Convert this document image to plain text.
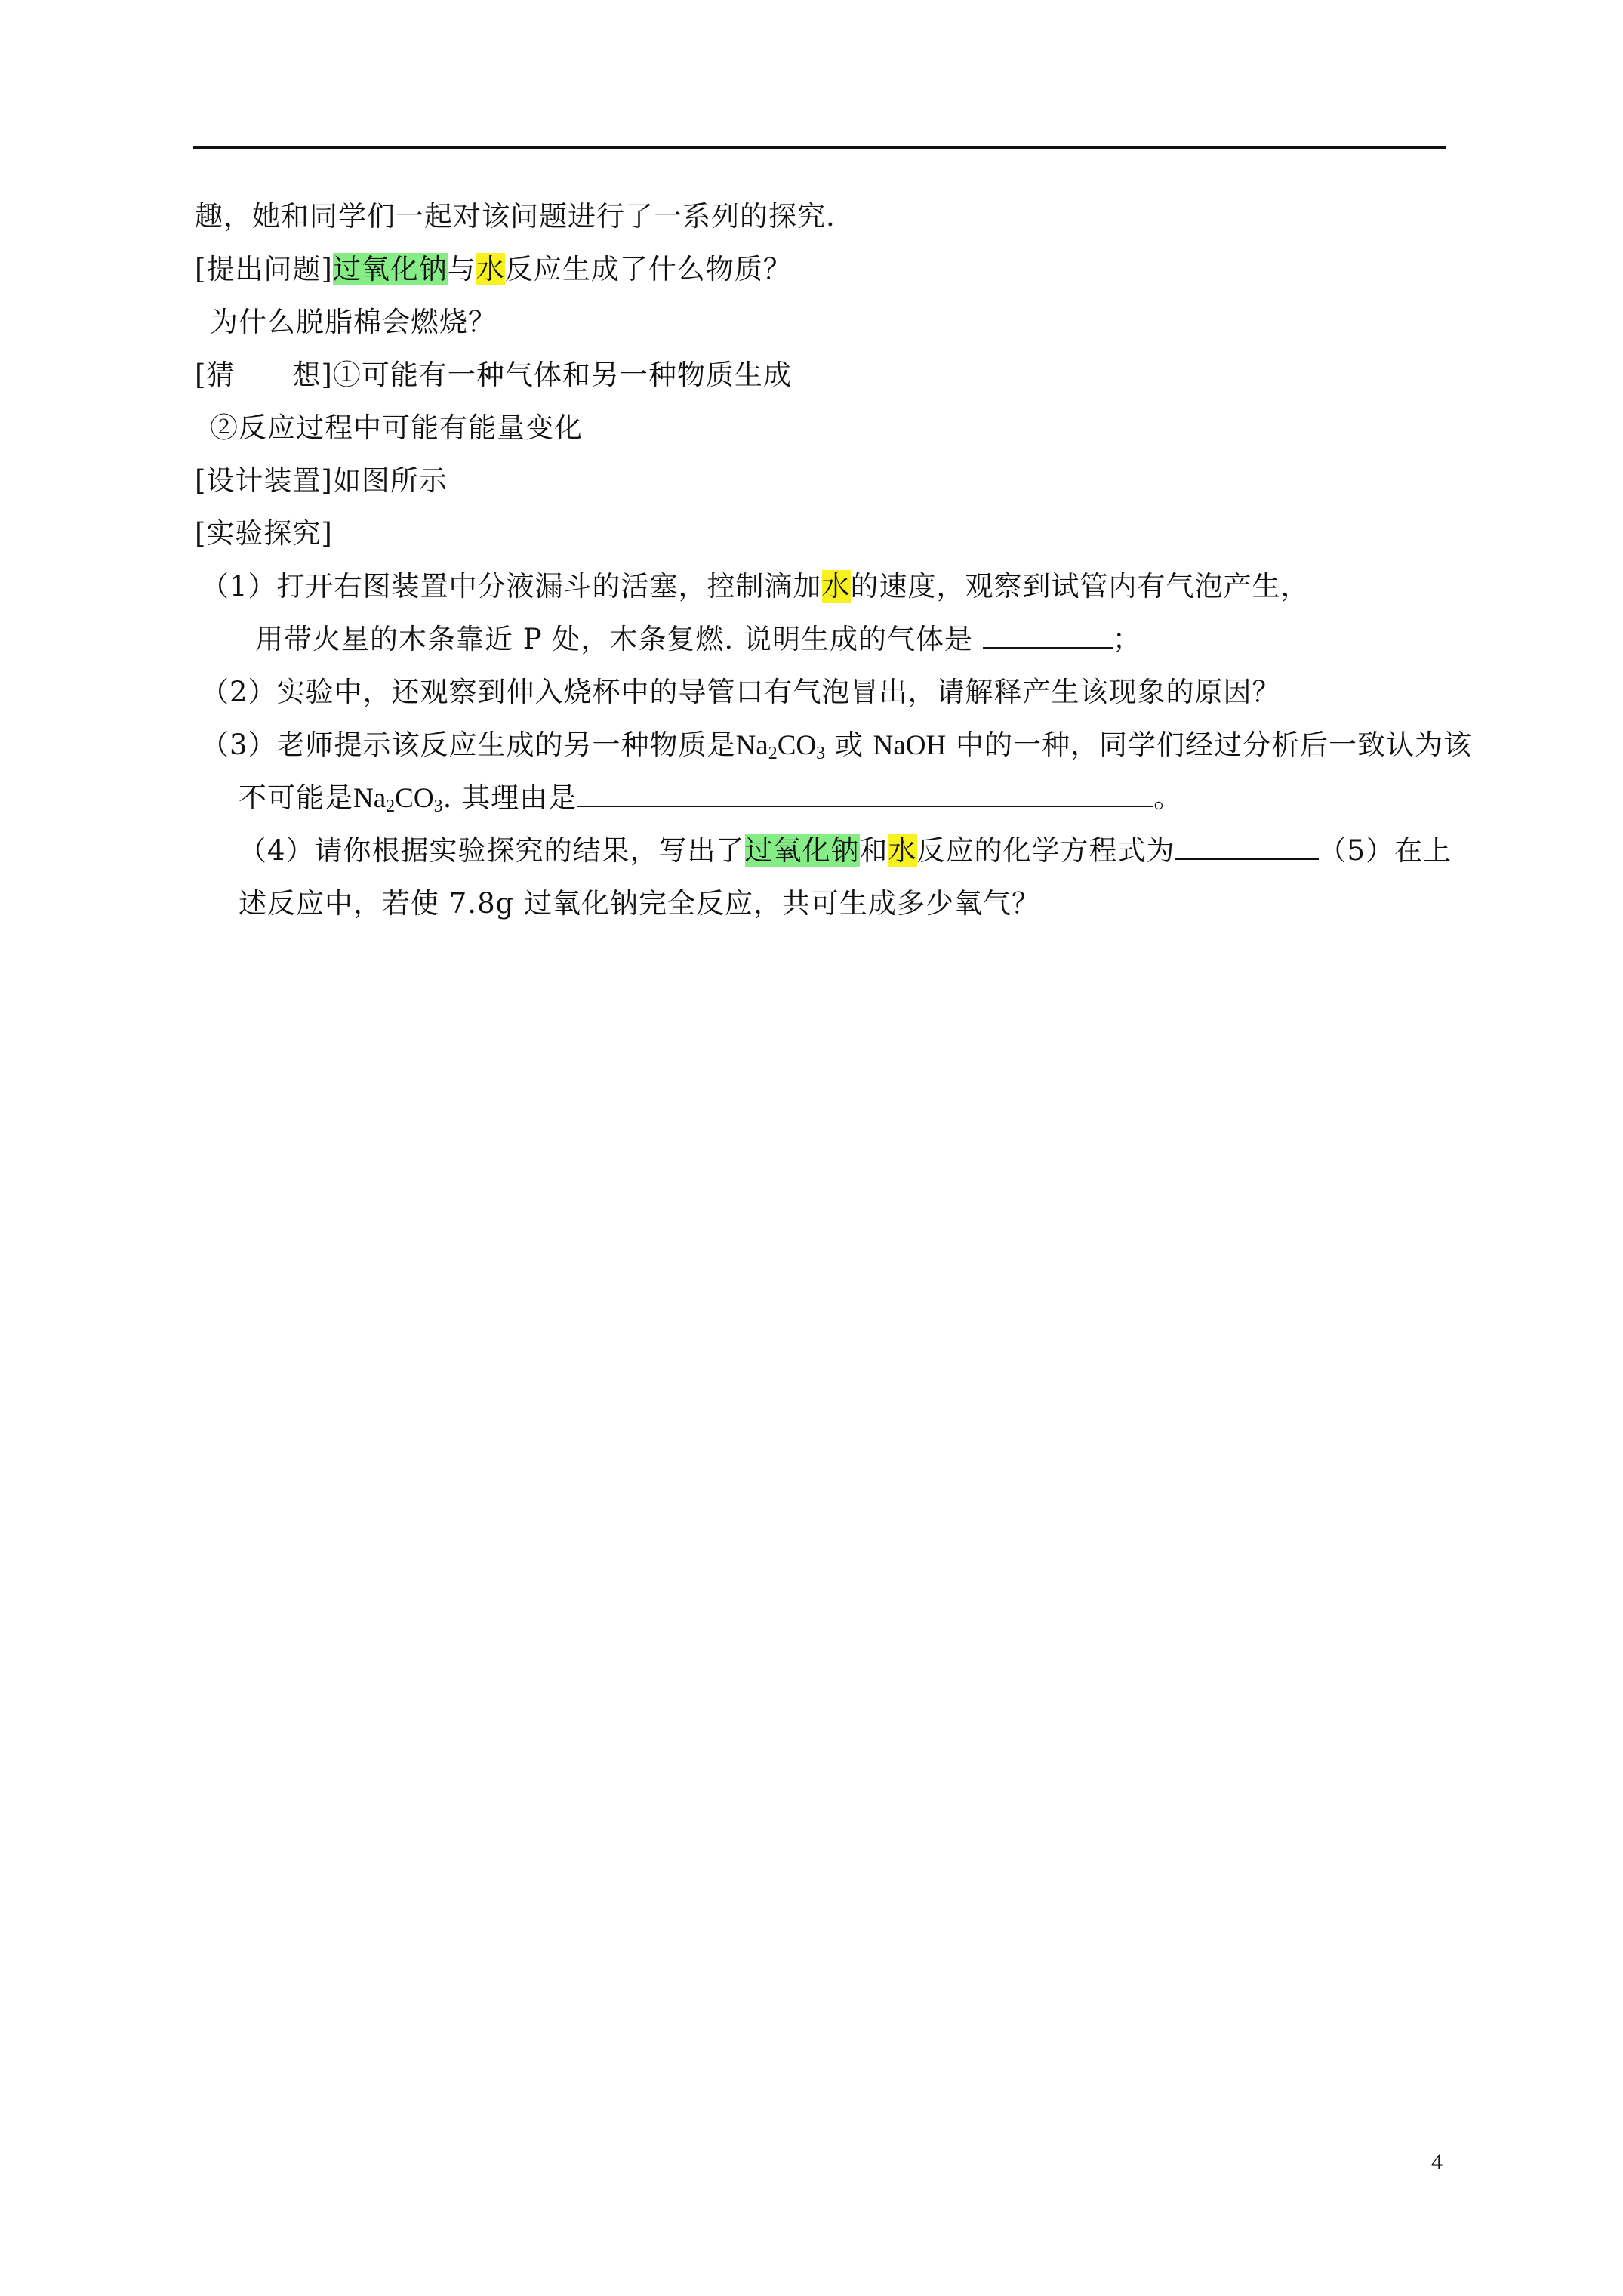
趣，她和同学们一起对该问题进行了一系列的探究.
[提出问题]过氧化钠与水反应生成了什么物质？
为什么脱脂棉会燃烧？
[猜　　想]①可能有一种气体和另一种物质生成
②反应过程中可能有能量变化
[设计装置]如图所示
[实验探究]
（1）打开右图装置中分液漏斗的活塞，控制滴加水的速度，观察到试管内有气泡产生，
用带火星的木条靠近 P 处，木条复燃. 说明生成的气体是	；
（2）实验中，还观察到伸入烧杯中的导管口有气泡冒出，请解释产生该现象的原因？
（3）老师提示该反应生成的另一种物质是$Na_2CO_3$ 或 NaOH 中的一种，同学们经过分析后一致认为该
不可能是$Na_2CO_3$. 其理由是	。
（4）请你根据实验探究的结果，写出了过氧化钠和水反应的化学方程式为	（5）在上
述反应中，若使 7.8g 过氧化钠完全反应，共可生成多少氧气？
4
